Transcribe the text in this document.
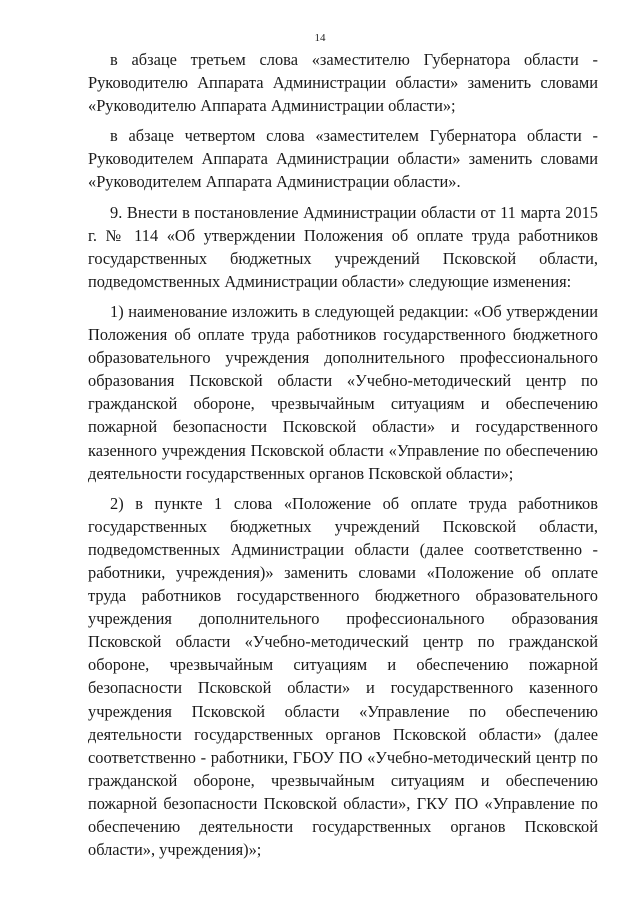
14

в абзаце третьем слова «заместителю Губернатора области - Руководителю Аппарата Администрации области» заменить словами «Руководителю Аппарата Администрации области»;

в абзаце четвертом слова «заместителем Губернатора области - Руководителем Аппарата Администрации области» заменить словами «Руководителем Аппарата Администрации области».

9. Внести в постановление Администрации области от 11 марта 2015 г. № 114 «Об утверждении Положения об оплате труда работников государственных бюджетных учреждений Псковской области, подведомственных Администрации области» следующие изменения:

1) наименование изложить в следующей редакции: «Об утверждении Положения об оплате труда работников государственного бюджетного образовательного учреждения дополнительного профессионального образования Псковской области «Учебно-методический центр по гражданской обороне, чрезвычайным ситуациям и обеспечению пожарной безопасности Псковской области» и государственного казенного учреждения Псковской области «Управление по обеспечению деятельности государственных органов Псковской области»;

2) в пункте 1 слова «Положение об оплате труда работников государственных бюджетных учреждений Псковской области, подведомственных Администрации области (далее соответственно - работники, учреждения)» заменить словами «Положение об оплате труда работников государственного бюджетного образовательного учреждения дополнительного профессионального образования Псковской области «Учебно-методический центр по гражданской обороне, чрезвычайным ситуациям и обеспечению пожарной безопасности Псковской области» и государственного казенного учреждения Псковской области «Управление по обеспечению деятельности государственных органов Псковской области» (далее соответственно - работники, ГБОУ ПО «Учебно-методический центр по гражданской обороне, чрезвычайным ситуациям и обеспечению пожарной безопасности Псковской области», ГКУ ПО «Управление по обеспечению деятельности государственных органов Псковской области», учреждения)»;
